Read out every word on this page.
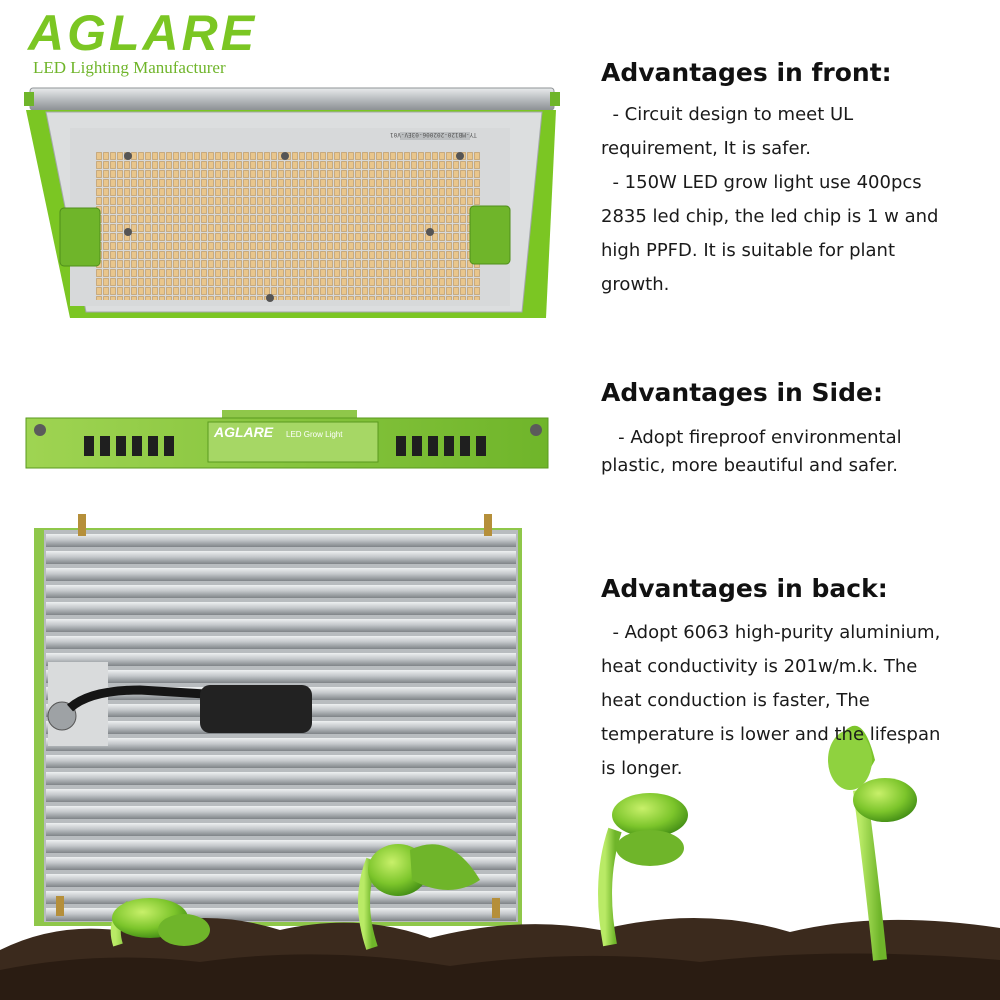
AGLARE
LED Lighting Manufacturer
AGLARE LED Grow Light
TY-MB120-202006-03EV-V01
Advantages in front:
- Circuit design to meet UL
requirement, It is safer.
- 150W LED grow light use 400pcs
2835 led chip, the led chip is 1 w and
high PPFD. It is suitable for plant
growth.
Advantages in Side:
- Adopt fireproof environmental
plastic, more beautiful and safer.
Advantages in back:
- Adopt 6063 high-purity aluminium,
heat conductivity is 201w/m.k. The
heat conduction is faster, The
temperature is lower and the lifespan
is longer.
